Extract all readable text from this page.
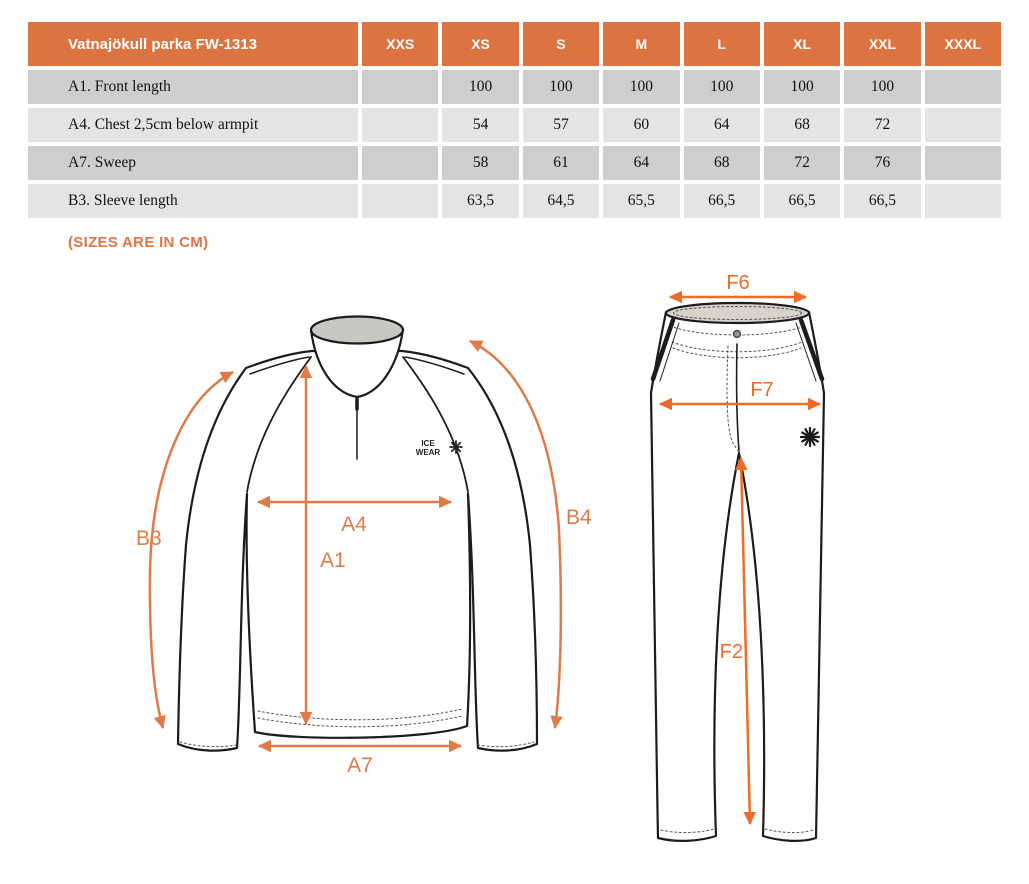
Vatnajökull parka FW-1313	XXS	XS	S	M	L	XL	XXL	XXXL
A1. Front length		100	100	100	100	100	100	
A4. Chest 2,5cm below armpit		54	57	60	64	68	72	
A7. Sweep		58	61	64	68	72	76	
B3. Sleeve length		63,5	64,5	65,5	66,5	66,5	66,5	
(SIZES ARE IN CM)
ICE
WEAR
A1
A4
A7
B3
B4
F6
F7
F2
